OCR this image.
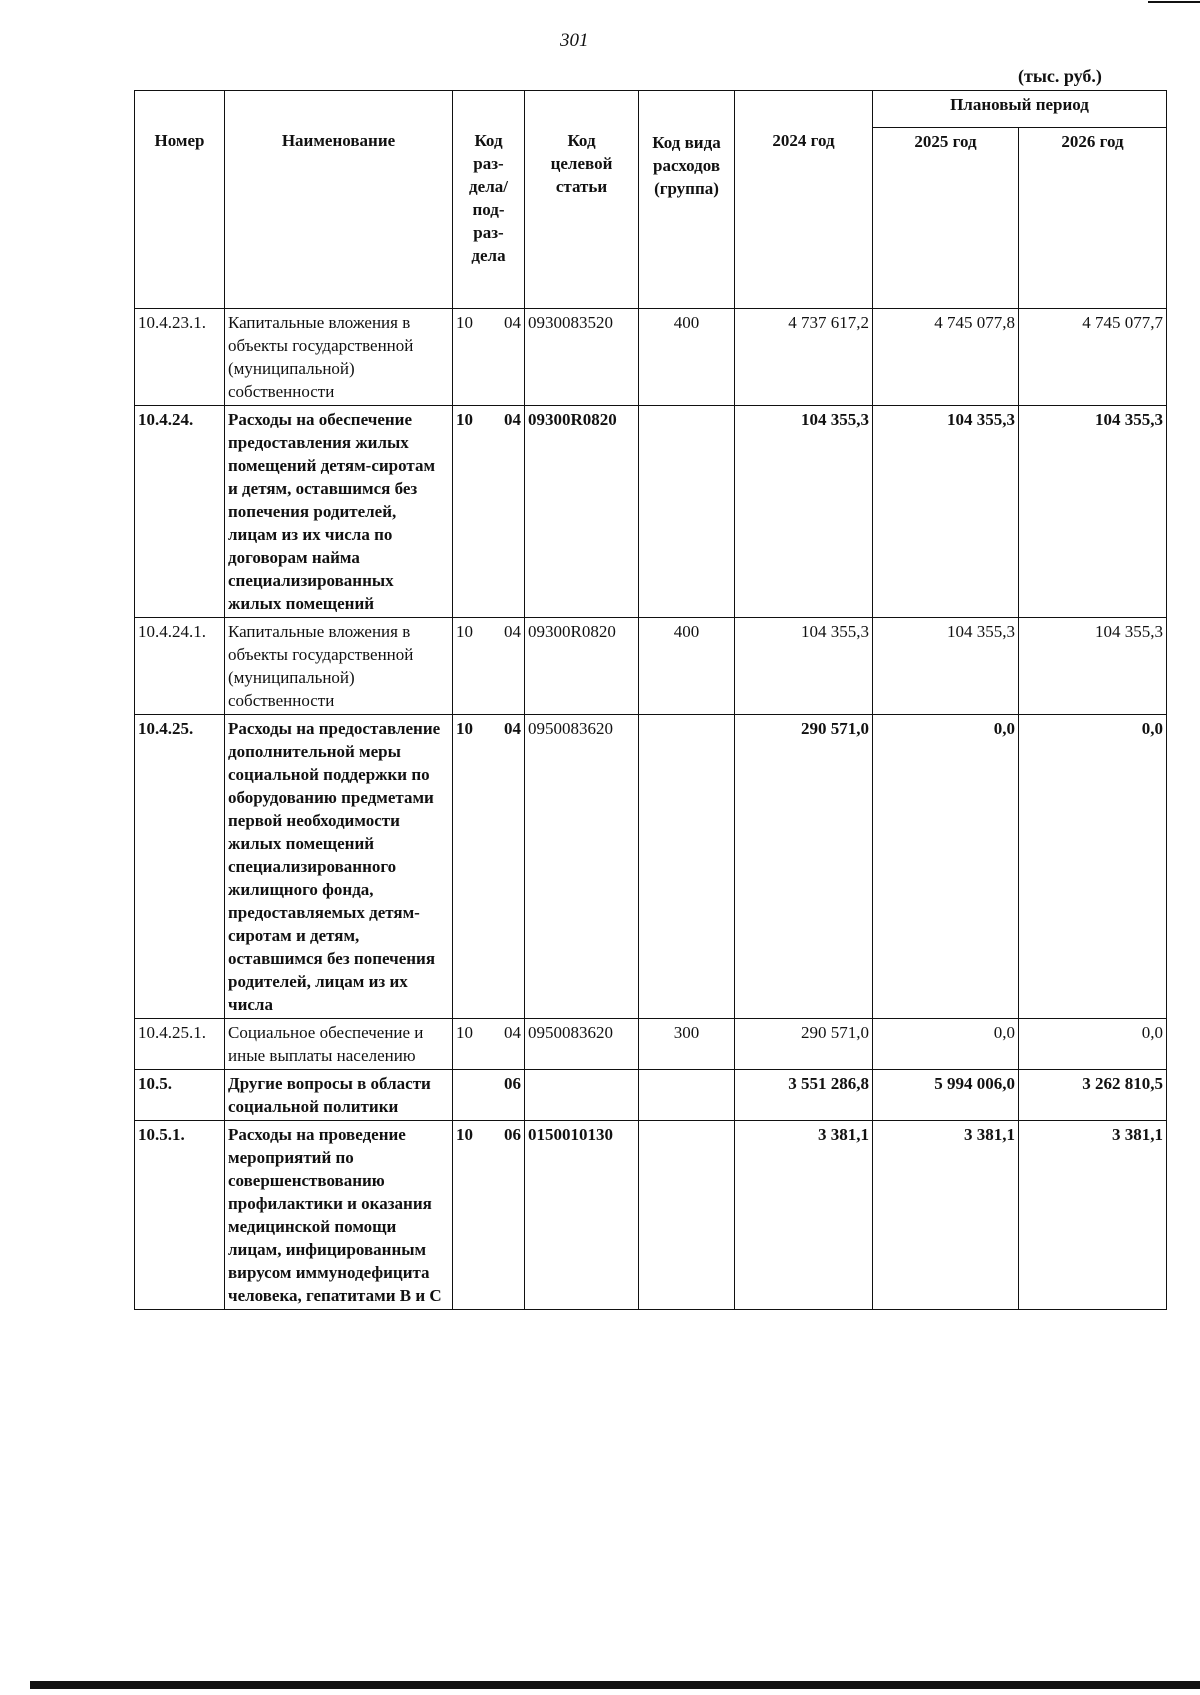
301
(тыс. руб.)
Номер	Наименование	Код раз- дела/ под- раз- дела	Код целевой статьи	Код вида расходов (группа)	2024 год	Плановый период	
						2025 год	2026 год
10.4.23.1.	Капитальные вложения в объекты государственной (муниципальной) собственности	10 04	0930083520	400	4 737 617,2	4 745 077,8	4 745 077,7
10.4.24.	Расходы на обеспечение предоставления жилых помещений детям-сиротам и детям, оставшимся без попечения родителей, лицам из их числа по договорам найма специализированных жилых помещений	10 04	09300R0820		104 355,3	104 355,3	104 355,3
10.4.24.1.	Капитальные вложения в объекты государственной (муниципальной) собственности	10 04	09300R0820	400	104 355,3	104 355,3	104 355,3
10.4.25.	Расходы на предоставление дополнительной меры социальной поддержки по оборудованию предметами первой необходимости жилых помещений специализированного жилищного фонда, предоставляемых детям-сиротам и детям, оставшимся без попечения родителей, лицам из их числа	10 04	0950083620		290 571,0	0,0	0,0
10.4.25.1.	Социальное обеспечение и иные выплаты населению	10 04	0950083620	300	290 571,0	0,0	0,0
10.5.	Другие вопросы в области социальной политики	06			3 551 286,8	5 994 006,0	3 262 810,5
10.5.1.	Расходы на проведение мероприятий по совершенствованию профилактики и оказания медицинской помощи лицам, инфицированным вирусом иммунодефицита человека, гепатитами В и С	10 06	0150010130		3 381,1	3 381,1	3 381,1
